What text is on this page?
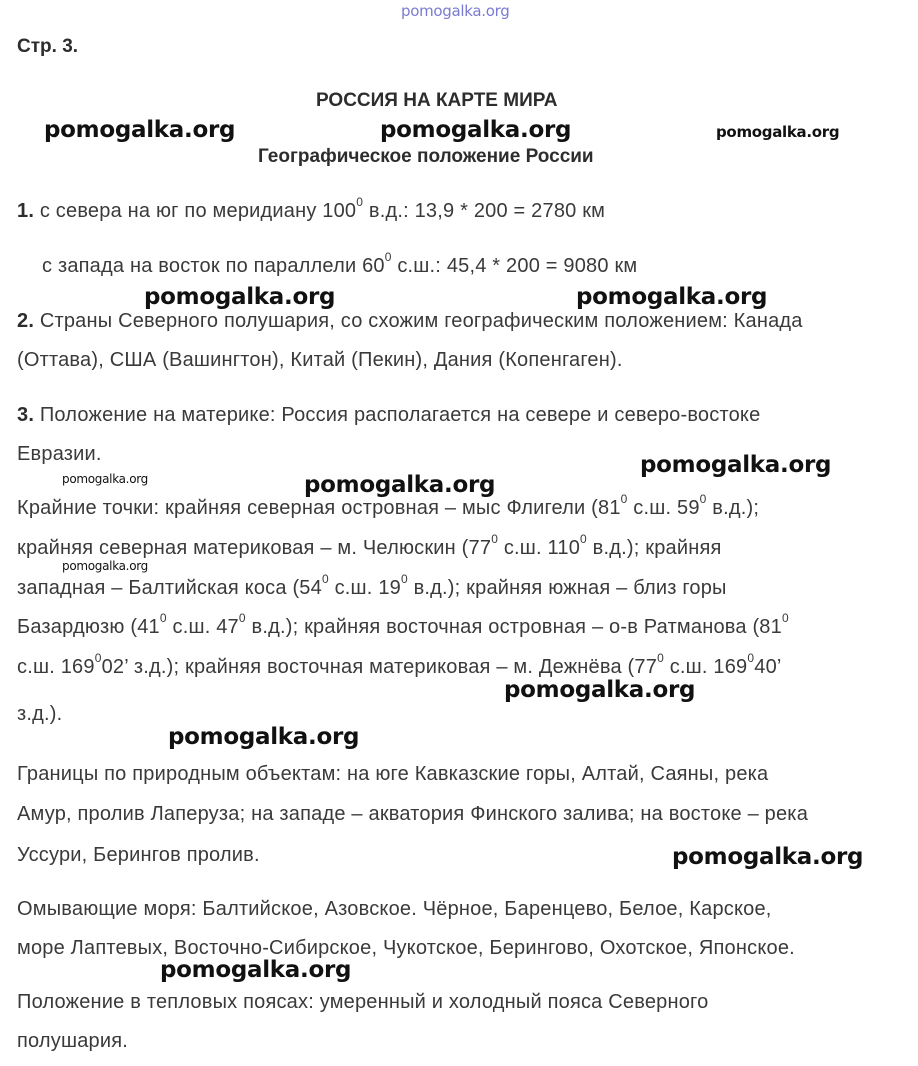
pomogalka.org
Стр. 3.
РОССИЯ НА КАРТЕ МИРА
Географическое положение России
pomogalka.org	pomogalka.org	pomogalka.org
1. с севера на юг по меридиану $100^0$ в.д.: 13,9 * 200 = 2780 км
с запада на восток по параллели $60^0$ с.ш.: 45,4 * 200 = 9080 км
pomogalka.org	pomogalka.org
2. Страны Северного полушария, со схожим географическим положением: Канада
(Оттава), США (Вашингтон), Китай (Пекин), Дания (Копенгаген).
3. Положение на материке: Россия располагается на севере и северо-востоке
Евразии.
pomogalka.org
pomogalka.org
pomogalka.org
Крайние точки: крайняя северная островная – мыс Флигели ($81^0$ с.ш. $59^0$ в.д.);
крайняя северная материковая – м. Челюскин ($77^0$ с.ш. $110^0$ в.д.); крайняя
pomogalka.org
западная – Балтийская коса ($54^0$ с.ш. $19^0$ в.д.); крайняя южная – близ горы
Базардюзю ($41^0$ с.ш. $47^0$ в.д.); крайняя восточная островная – о-в Ратманова ($81^0$
с.ш. $169^002$’ з.д.); крайняя восточная материковая – м. Дежнёва ($77^0$ с.ш. $169^040$’
pomogalka.org
з.д.).
pomogalka.org
Границы по природным объектам: на юге Кавказские горы, Алтай, Саяны, река
Амур, пролив Лаперуза; на западе – акватория Финского залива; на востоке – река
Уссури, Берингов пролив.	pomogalka.org
Омывающие моря: Балтийское, Азовское. Чёрное, Баренцево, Белое, Карское,
море Лаптевых, Восточно-Сибирское, Чукотское, Берингово, Охотское, Японское.
pomogalka.org
Положение в тепловых поясах: умеренный и холодный пояса Северного
полушария.
